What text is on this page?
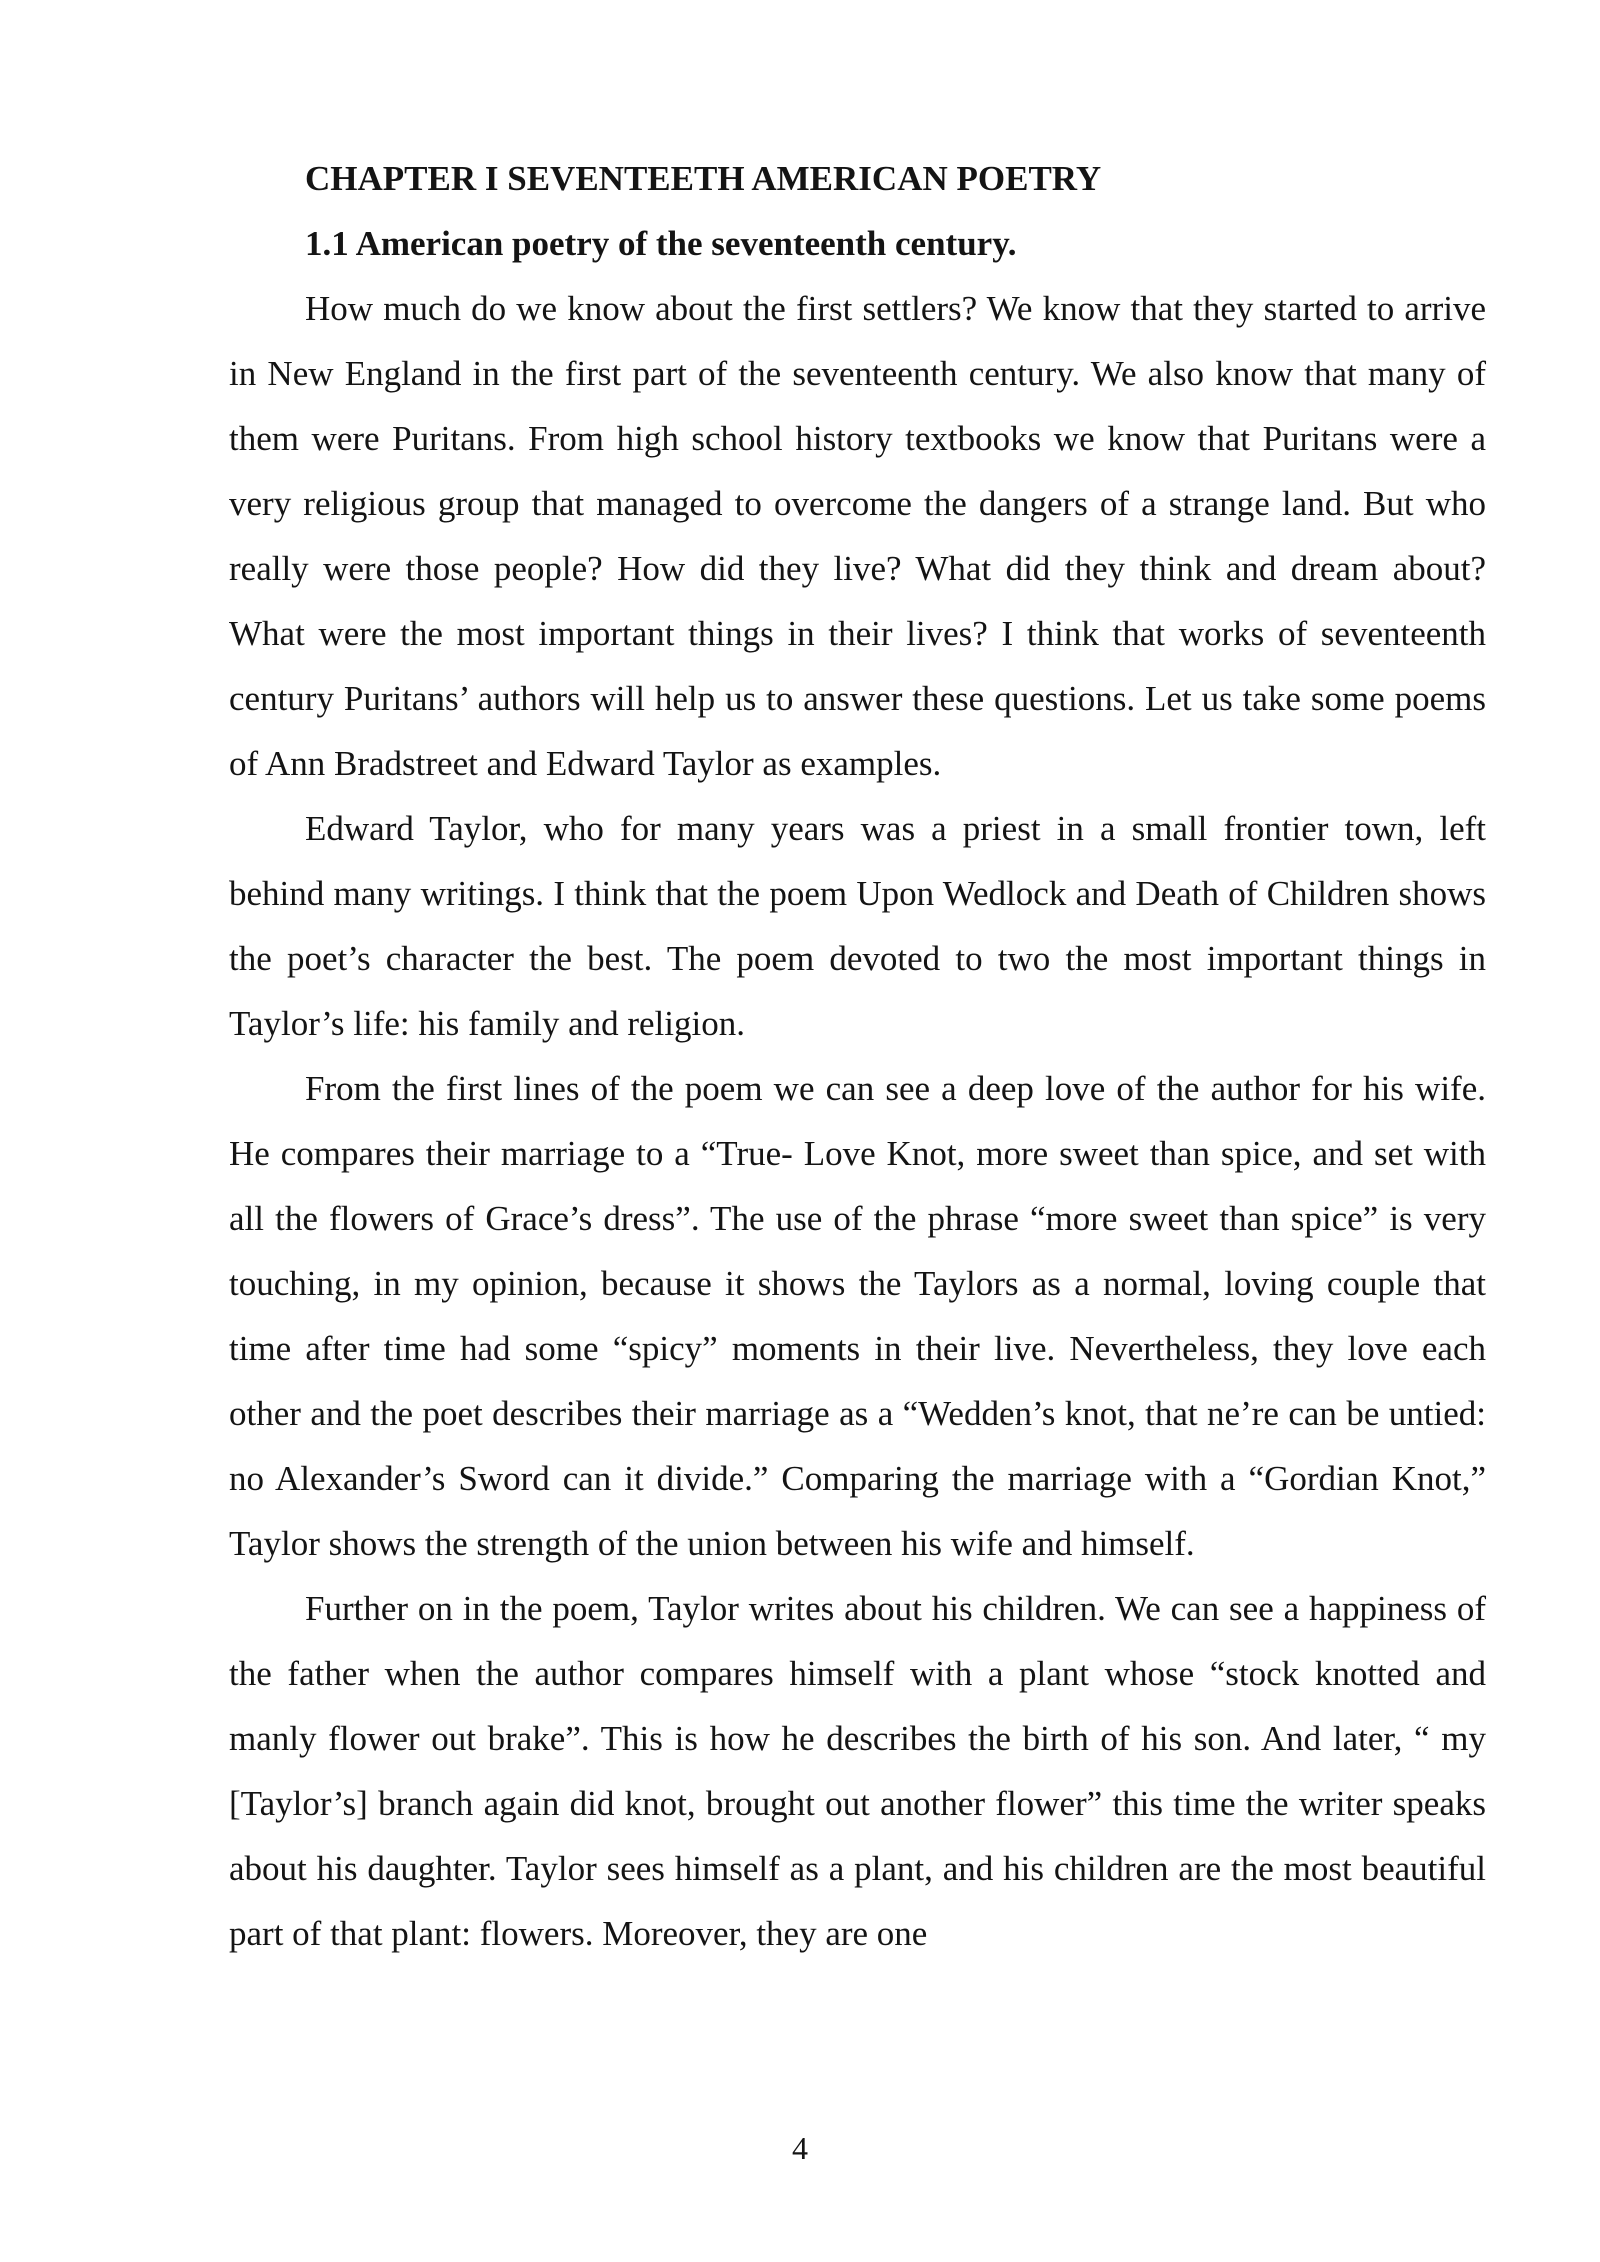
CHAPTER I SEVENTEETH AMERICAN POETRY
1.1 American poetry of the seventeenth century.

How much do we know about the first settlers? We know that they started to arrive in New England in the first part of the seventeenth century. We also know that many of them were Puritans. From high school history textbooks we know that Puritans were a very religious group that managed to overcome the dangers of a strange land. But who really were those people? How did they live? What did they think and dream about? What were the most important things in their lives? I think that works of seventeenth century Puritans’ authors will help us to answer these questions. Let us take some poems of Ann Bradstreet and Edward Taylor as examples.

Edward Taylor, who for many years was a priest in a small frontier town, left behind many writings. I think that the poem Upon Wedlock and Death of Children shows the poet’s character the best. The poem devoted to two the most important things in Taylor’s life: his family and religion.

From the first lines of the poem we can see a deep love of the author for his wife. He compares their marriage to a “True- Love Knot, more sweet than spice, and set with all the flowers of Grace’s dress”. The use of the phrase “more sweet than spice” is very touching, in my opinion, because it shows the Taylors as a normal, loving couple that time after time had some “spicy” moments in their live. Nevertheless, they love each other and the poet describes their marriage as a “Wedden’s knot, that ne’re can be untied: no Alexander’s Sword can it divide.” Comparing the marriage with a “Gordian Knot,” Taylor shows the strength of the union between his wife and himself.

Further on in the poem, Taylor writes about his children. We can see a happiness of the father when the author compares himself with a plant whose “stock knotted and manly flower out brake”. This is how he describes the birth of his son. And later, “ my [Taylor’s] branch again did knot, brought out another flower” this time the writer speaks about his daughter. Taylor sees himself as a plant, and his children are the most beautiful part of that plant: flowers. Moreover, they are one

4
